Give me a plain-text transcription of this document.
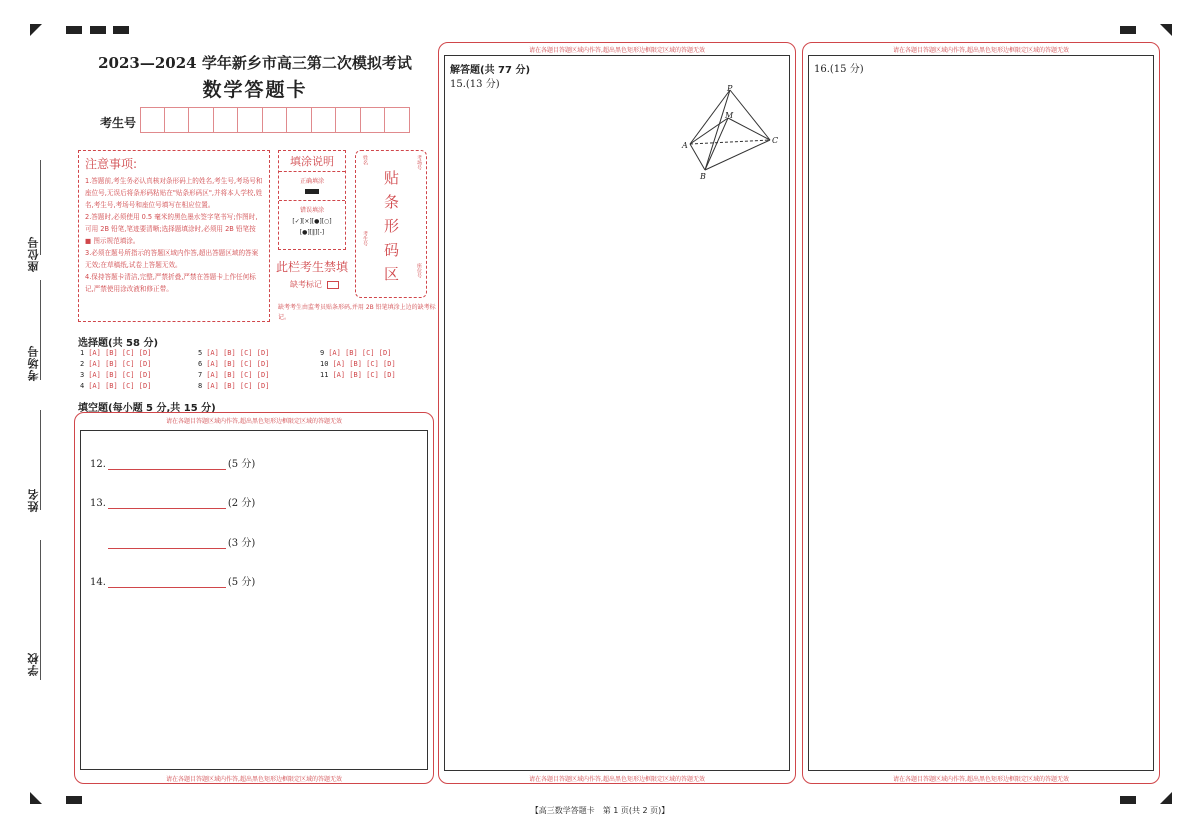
座位号
考场号
姓名
学校
2023—2024 学年新乡市高三第二次模拟考试
数学答题卡
考生号
注意事项:

1.答题前,考生务必认真核对条形码上的姓名,考生号,考场号和座位号,无误后将条形码粘贴在"贴条形码区",并将本人学校,姓名,考生号,考场号和座位号填写在相应位置。

2.答题时,必须使用 0.5 毫米的黑色墨水签字笔书写;作图时,可用 2B 铅笔,笔迹要清晰;选择题填涂时,必须用 2B 铅笔按 ■ 图示规范填涂。

3.必须在题号所指示的答题区域内作答,超出答题区域的答案无效;在草稿纸,试卷上答题无效。

4.保持答题卡清洁,完整,严禁折叠,严禁在答题卡上作任何标记,严禁使用涂改液和修正带。

填涂说明
正确填涂
错误填涂
[✓][×][●][○]
[●][‖][-]
此栏考生禁填
缺考标记
缺考考生由监考员贴条形码,并用 2B 铅笔填涂上边的缺考标记。
姓名	考场号
考生号
座位号
贴
条
形
码
区
选择题(共 58 分)
1 [A] [B] [C] [D]
2 [A] [B] [C] [D]
3 [A] [B] [C] [D]
4 [A] [B] [C] [D]
5 [A] [B] [C] [D]
6 [A] [B] [C] [D]
7 [A] [B] [C] [D]
8 [A] [B] [C] [D]
9 [A] [B] [C] [D]
10 [A] [B] [C] [D]
11 [A] [B] [C] [D]
填空题(每小题 5 分,共 15 分)
请在各题目答题区域内作答,超出黑色矩形边框限定区域的答题无效
请在各题目答题区域内作答,超出黑色矩形边框限定区域的答题无效
12.	(5 分)
13.	(2 分)
(3 分)
14.	(5 分)
请在各题目答题区域内作答,超出黑色矩形边框限定区域的答题无效
请在各题目答题区域内作答,超出黑色矩形边框限定区域的答题无效
解答题(共 77 分)
15.(13 分)	P
M
A
C
B
请在各题目答题区域内作答,超出黑色矩形边框限定区域的答题无效
请在各题目答题区域内作答,超出黑色矩形边框限定区域的答题无效
16.(15 分)
【高三数学答题卡　第 1 页(共 2 页)】
